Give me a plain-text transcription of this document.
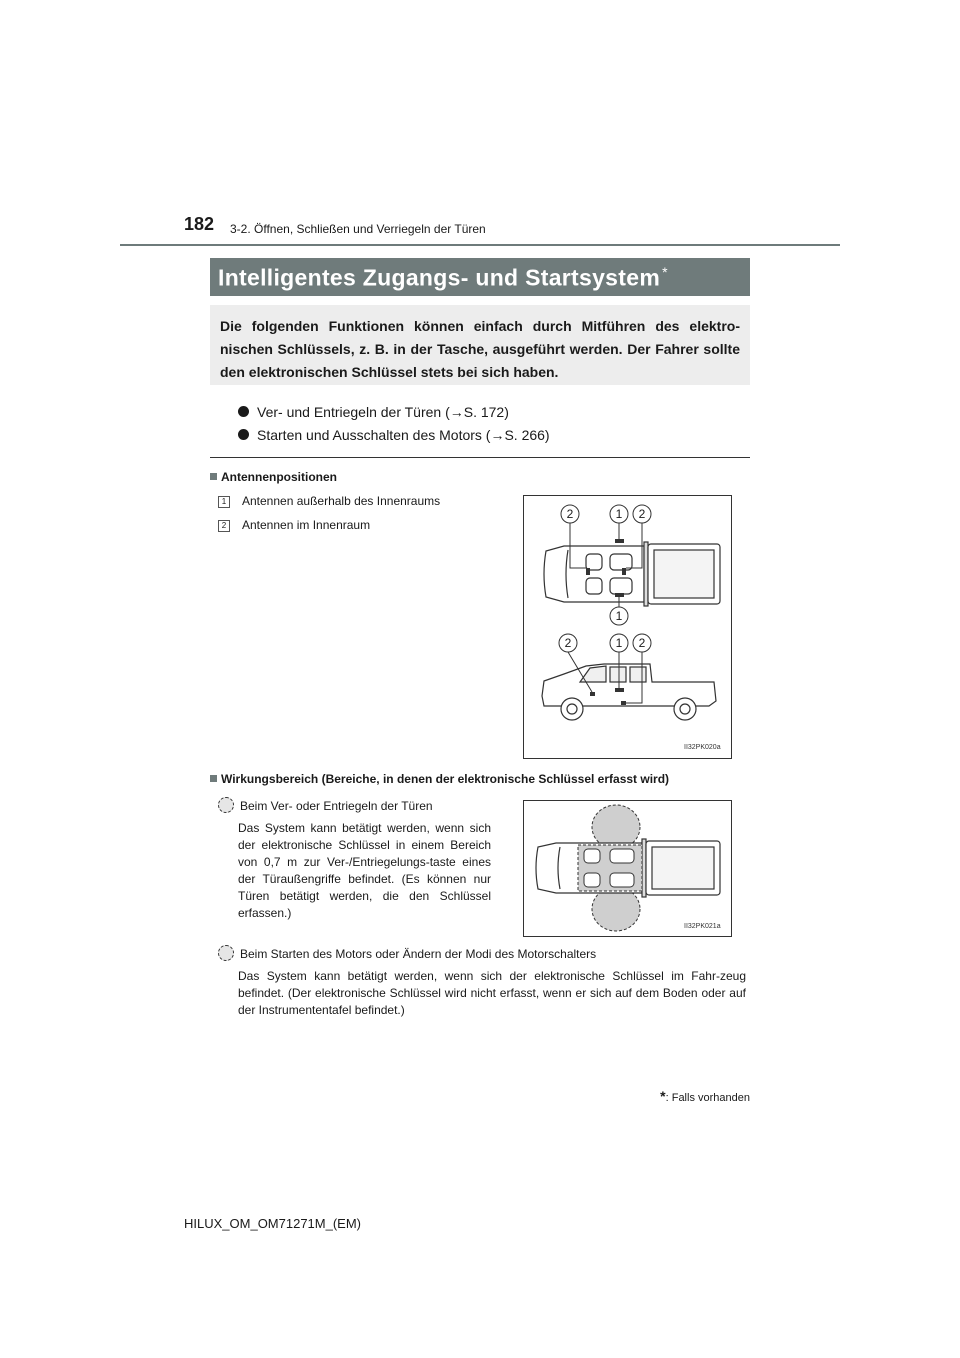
182 3-2. Öffnen, Schließen und Verriegeln der Türen
Intelligentes Zugangs- und Startsystem *
Die folgenden Funktionen können einfach durch Mitführen des elektro-nischen Schlüssels, z. B. in der Tasche, ausgeführt werden. Der Fahrer sollte den elektronischen Schlüssel stets bei sich haben.
Ver- und Entriegeln der Türen (→S. 172)
Starten und Ausschalten des Motors (→S. 266)
Antennenpositionen
1 Antennen außerhalb des Innenraums
2 Antennen im Innenraum
2	1 2
1
2	1 2
II32PK020a
Wirkungsbereich (Bereiche, in denen der elektronische Schlüssel erfasst wird)
Beim Ver- oder Entriegeln der Türen
Das System kann betätigt werden, wenn sich der elektronische Schlüssel in einem Bereich von 0,7 m zur Ver-/Entriegelungs-taste eines der Türaußengriffe befindet. (Es können nur Türen betätigt werden, die den Schlüssel erfassen.)
II32PK021a
Beim Starten des Motors oder Ändern der Modi des Motorschalters
Das System kann betätigt werden, wenn sich der elektronische Schlüssel im Fahr-zeug befindet. (Der elektronische Schlüssel wird nicht erfasst, wenn er sich auf dem Boden oder auf der Instrumententafel befindet.)
*: Falls vorhanden
HILUX_OM_OM71271M_(EM)
